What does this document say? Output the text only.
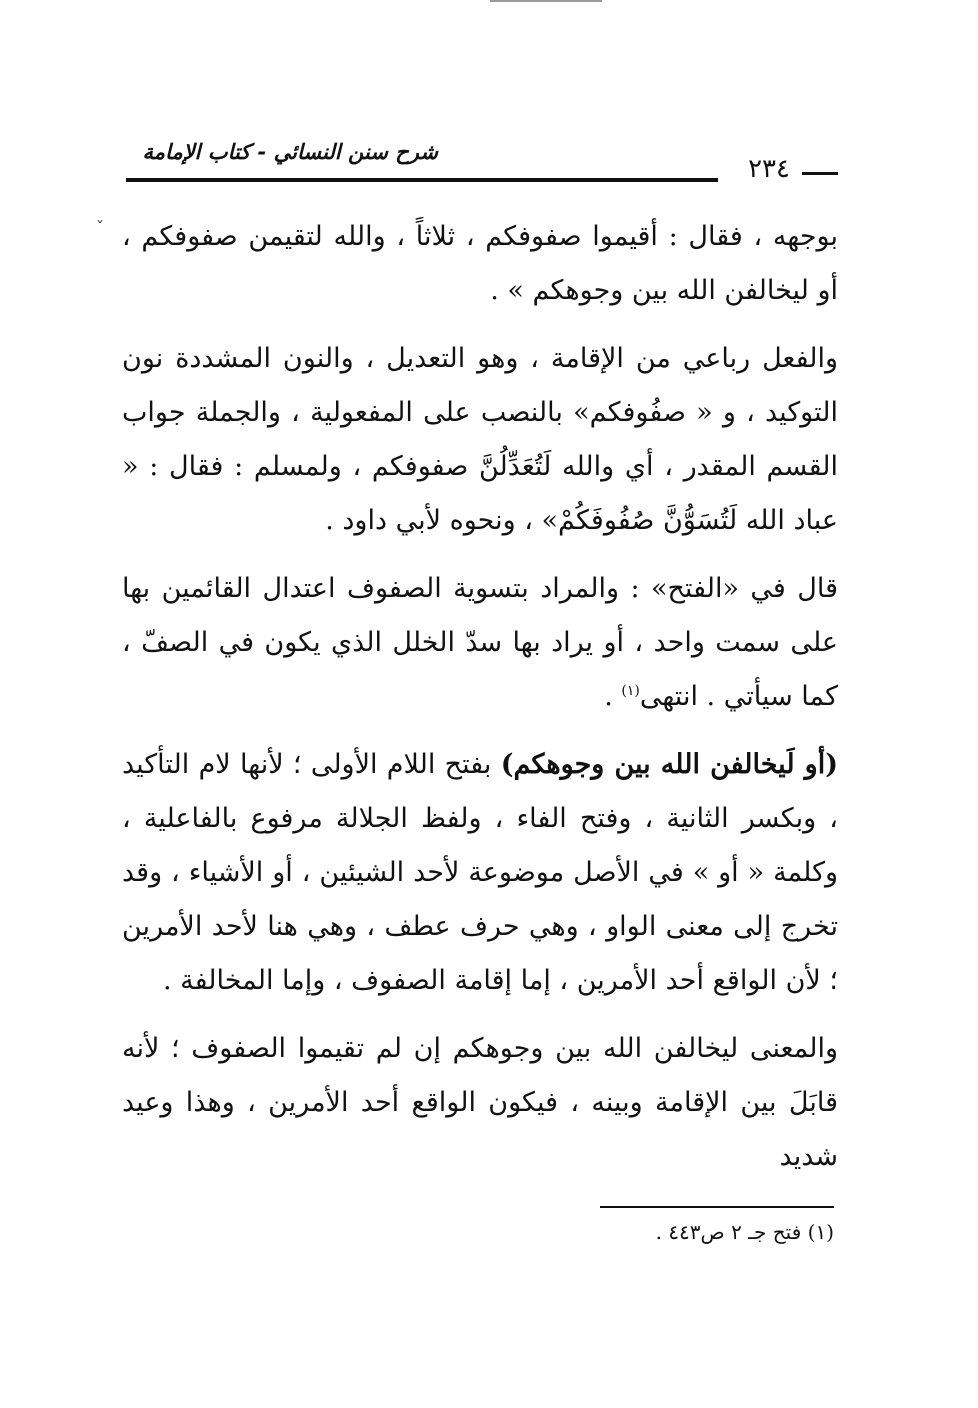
شرح سنن النسائي - كتاب الإمامة
٢٣٤
ˇ بوجهه ، فقال : أقيموا صفوفكم ، ثلاثاً ، والله لتقيمن صفوفكم ، أو ليخالفن الله بين وجوهكم » .

والفعل رباعي من الإقامة ، وهو التعديل ، والنون المشددة نون التوكيد ، و « صفُوفكم» بالنصب على المفعولية ، والجملة جواب القسم المقدر ، أي والله لَتُعَدِّلُنَّ صفوفكم ، ولمسلم : فقال : « عباد الله لَتُسَوُّنَّ صُفُوفَكُمْ» ، ونحوه لأبي داود .

قال في «الفتح» : والمراد بتسوية الصفوف اعتدال القائمين بها على سمت واحد ، أو يراد بها سدّ الخلل الذي يكون في الصفّ ، كما سيأتي . انتهى$^{(١)}$ .

(أو لَيخالفن الله بين وجوهكم) بفتح اللام الأولى ؛ لأنها لام التأكيد ، وبكسر الثانية ، وفتح الفاء ، ولفظ الجلالة مرفوع بالفاعلية ، وكلمة « أو » في الأصل موضوعة لأحد الشيئين ، أو الأشياء ، وقد تخرج إلى معنى الواو ، وهي حرف عطف ، وهي هنا لأحد الأمرين ؛ لأن الواقع أحد الأمرين ، إما إقامة الصفوف ، وإما المخالفة .

والمعنى ليخالفن الله بين وجوهكم إن لم تقيموا الصفوف ؛ لأنه قابَلَ بين الإقامة وبينه ، فيكون الواقع أحد الأمرين ، وهذا وعيد شديد

(١) فتح جـ ٢ ص٤٤٣ .
